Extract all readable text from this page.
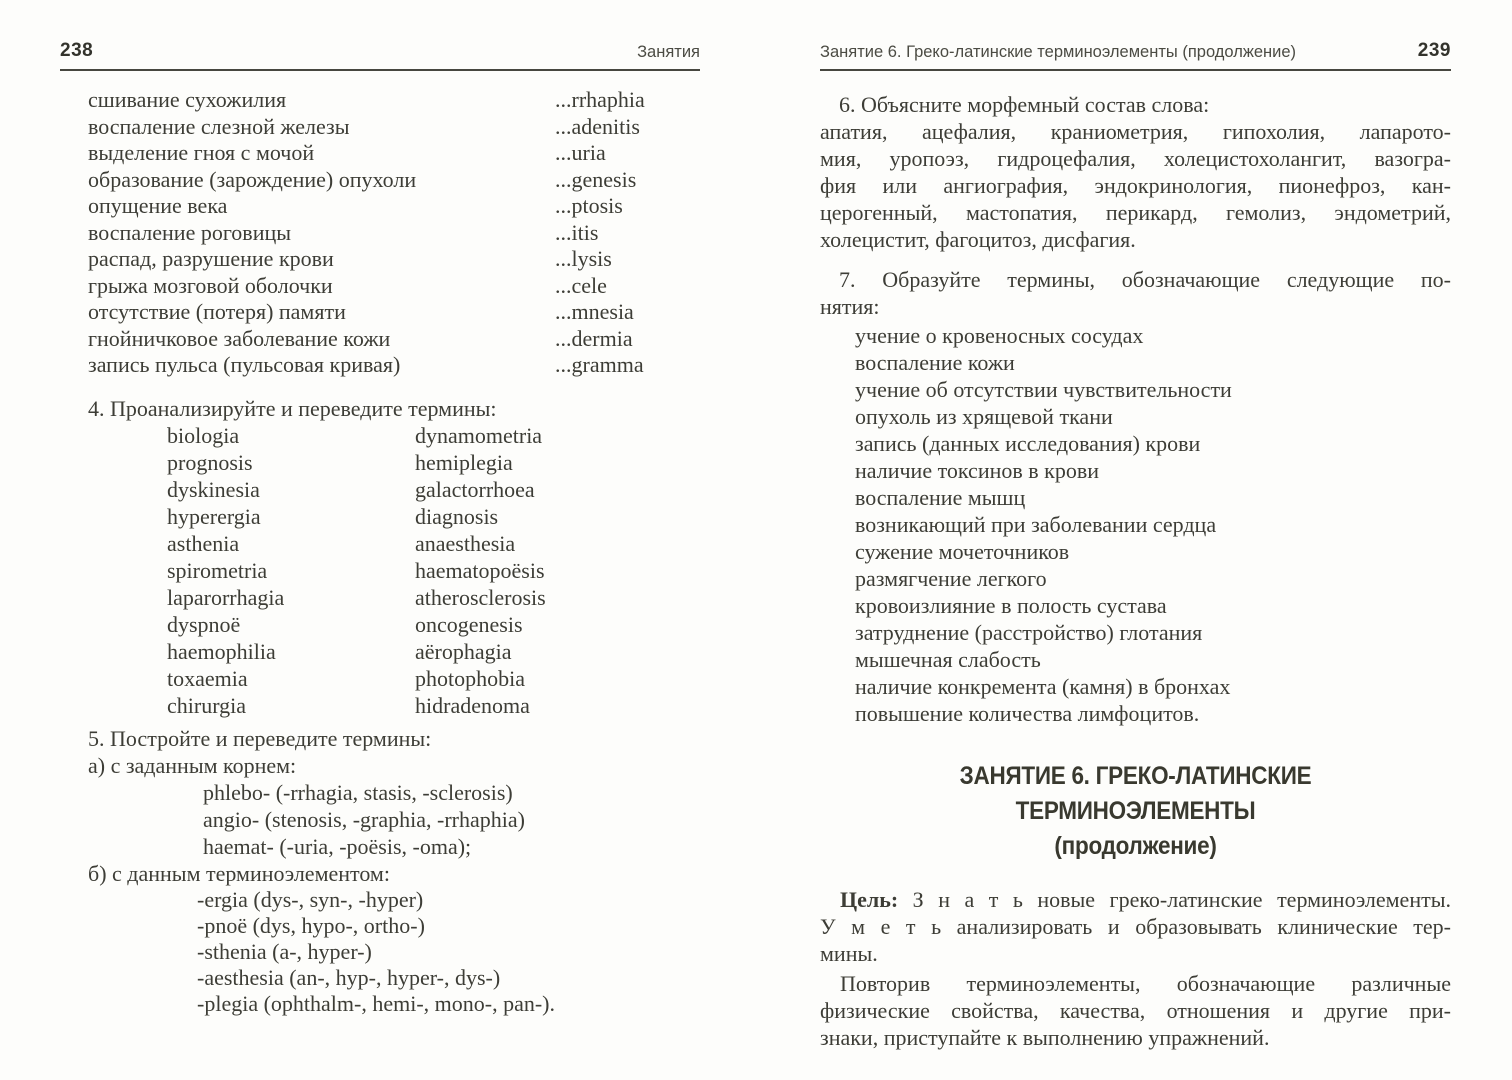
238	Занятия
сшивание сухожилия	...rrhaphia
воспаление слезной железы	...adenitis
выделение гноя с мочой	...uria
образование (зарождение) опухоли	...genesis
опущение века	...ptosis
воспаление роговицы	...itis
распад, разрушение крови	...lysis
грыжа мозговой оболочки	...cele
отсутствие (потеря) памяти	...mnesia
гнойничковое заболевание кожи	...dermia
запись пульса (пульсовая кривая)	...gramma
4. Проанализируйте и переведите термины:
biologia	dynamometria
prognosis	hemiplegia
dyskinesia	galactorrhoea
hyperergia	diagnosis
asthenia	anaesthesia
spirometria	haematopoësis
laparorrhagia	atherosclerosis
dyspnoë	oncogenesis
haemophilia	aërophagia
toxaemia	photophobia
chirurgia	hidradenoma
5. Постройте и переведите термины:
а) с заданным корнем:
phlebo- (-rrhagia, stasis, -sclerosis)
angio- (stenosis, -graphia, -rrhaphia)
haemat- (-uria, -poësis, -oma);
б) с данным терминоэлементом:
-ergia (dys-, syn-, -hyper)
-pnoë (dys, hypo-, ortho-)
-sthenia (a-, hyper-)
-aesthesia (an-, hyp-, hyper-, dys-)
-plegia (ophthalm-, hemi-, mono-, pan-).
Занятие 6. Греко-латинские терминоэлементы (продолжение)	239
6. Объясните морфемный состав слова:
апатия, ацефалия, краниометрия, гипохолия, лапарото-
мия, уропоэз, гидроцефалия, холецистохолангит, вазогра-
фия или ангиография, эндокринология, пионефроз, кан-
церогенный, мастопатия, перикард, гемолиз, эндометрий,
холецистит, фагоцитоз, дисфагия.
7. Образуйте термины, обозначающие следующие по-
нятия:
учение о кровеносных сосудах
воспаление кожи
учение об отсутствии чувствительности
опухоль из хрящевой ткани
запись (данных исследования) крови
наличие токсинов в крови
воспаление мышц
возникающий при заболевании сердца
сужение мочеточников
размягчение легкого
кровоизлияние в полость сустава
затруднение (расстройство) глотания
мышечная слабость
наличие конкремента (камня) в бронхах
повышение количества лимфоцитов.
ЗАНЯТИЕ 6. ГРЕКО-ЛАТИНСКИЕ ТЕРМИНОЭЛЕМЕНТЫ
(продолжение)
Цель: З н а т ь новые греко-латинские терминоэлементы.
У м е т ь анализировать и образовывать клинические тер-
мины.
Повторив терминоэлементы, обозначающие различные
физические свойства, качества, отношения и другие при-
знаки, приступайте к выполнению упражнений.
